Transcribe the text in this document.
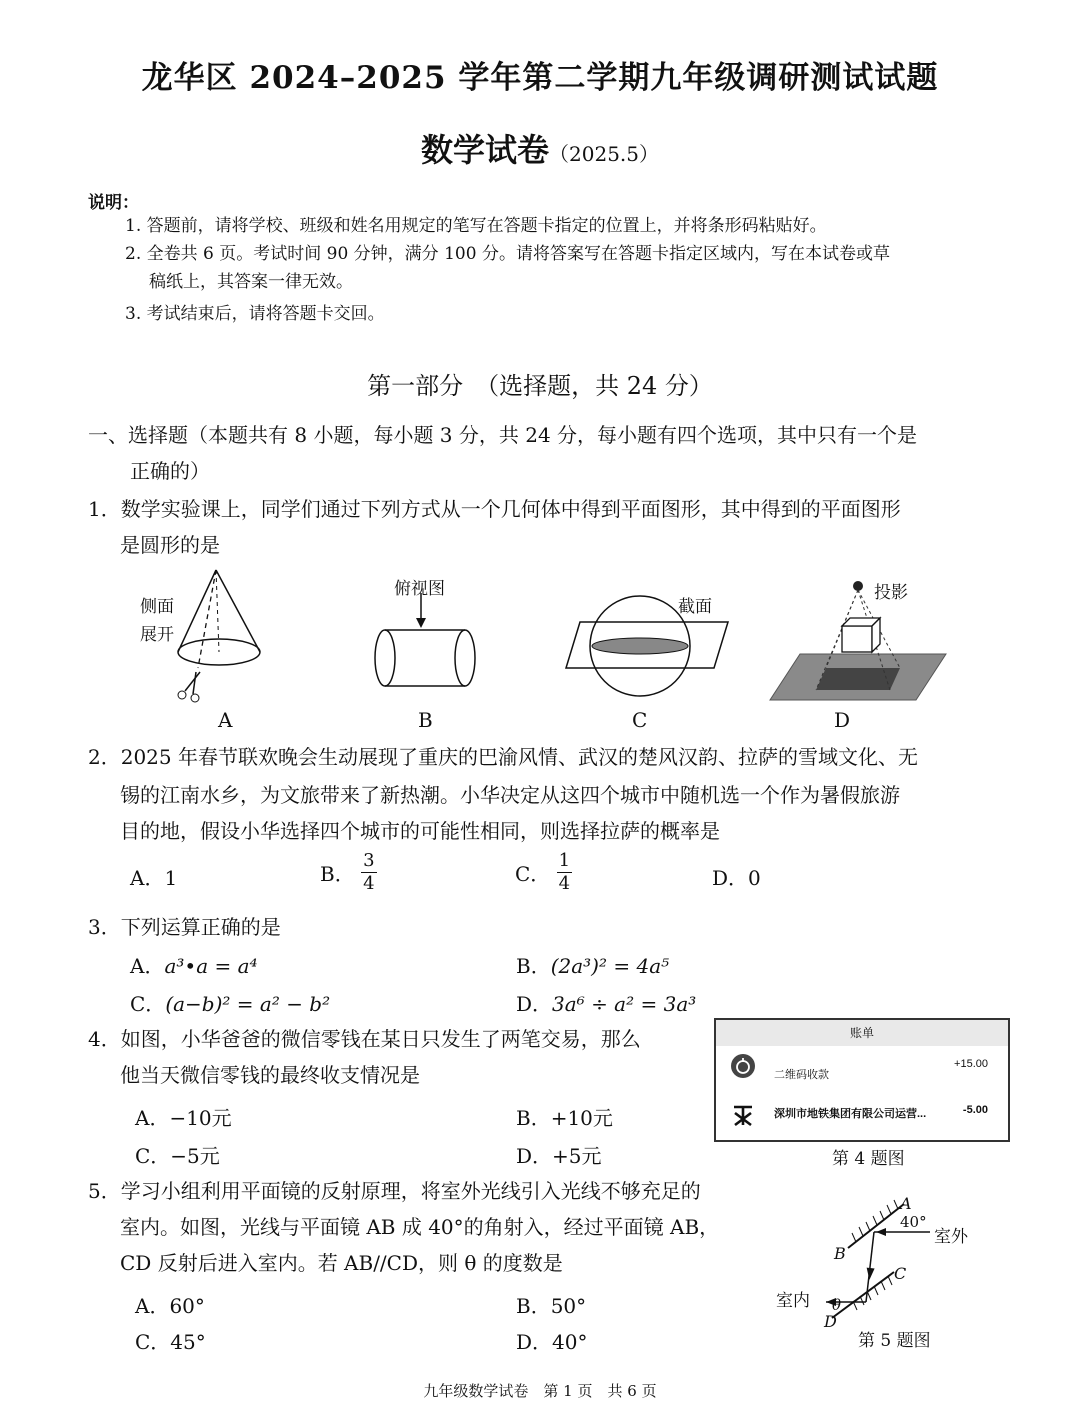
龙华区 2024–2025 学年第二学期九年级调研测试试题
数学试卷（2025.5）
说明：
1. 答题前，请将学校、班级和姓名用规定的笔写在答题卡指定的位置上，并将条形码粘贴好。
2. 全卷共 6 页。考试时间 90 分钟，满分 100 分。请将答案写在答题卡指定区域内，写在本试卷或草
稿纸上，其答案一律无效。
3. 考试结束后，请将答题卡交回。
第一部分　（选择题，共 24 分）
一、选择题（本题共有 8 小题，每小题 3 分，共 24 分，每小题有四个选项，其中只有一个是
正确的）
1．数学实验课上，同学们通过下列方式从一个几何体中得到平面图形，其中得到的平面图形
是圆形的是
侧面
展开
俯视图
截面
投影
A	B	C	D
2．2025 年春节联欢晚会生动展现了重庆的巴渝风情、武汉的楚风汉韵、拉萨的雪域文化、无
锡的江南水乡，为文旅带来了新热潮。小华决定从这四个城市中随机选一个作为暑假旅游
目的地，假设小华选择四个城市的可能性相同，则选择拉萨的概率是
A．1	B． $\frac{3}{4}$	C． $\frac{1}{4}$	D．0
3．下列运算正确的是
A．a³•a = a⁴	B．(2a³)² = 4a⁵
C．(a−b)² = a² − b²	D．3a⁶ ÷ a² = 3a³
4．如图，小华爸爸的微信零钱在某日只发生了两笔交易，那么
他当天微信零钱的最终收支情况是
A．−10元	B．+10元
C．−5元	D．+5元
账单
二维码收款
+15.00
深圳市地铁集团有限公司运营...	-5.00
第 4 题图
5．学习小组利用平面镜的反射原理，将室外光线引入光线不够充足的
室内。如图，光线与平面镜 AB 成 40°的角射入，经过平面镜 AB，
CD 反射后进入室内。若 AB//CD，则 θ 的度数是
A．60°	B．50°
C．45°	D．40°
A
40°
室外
B
C
室内 θ
D
第 5 题图
九年级数学试卷　第 1 页　共 6 页
